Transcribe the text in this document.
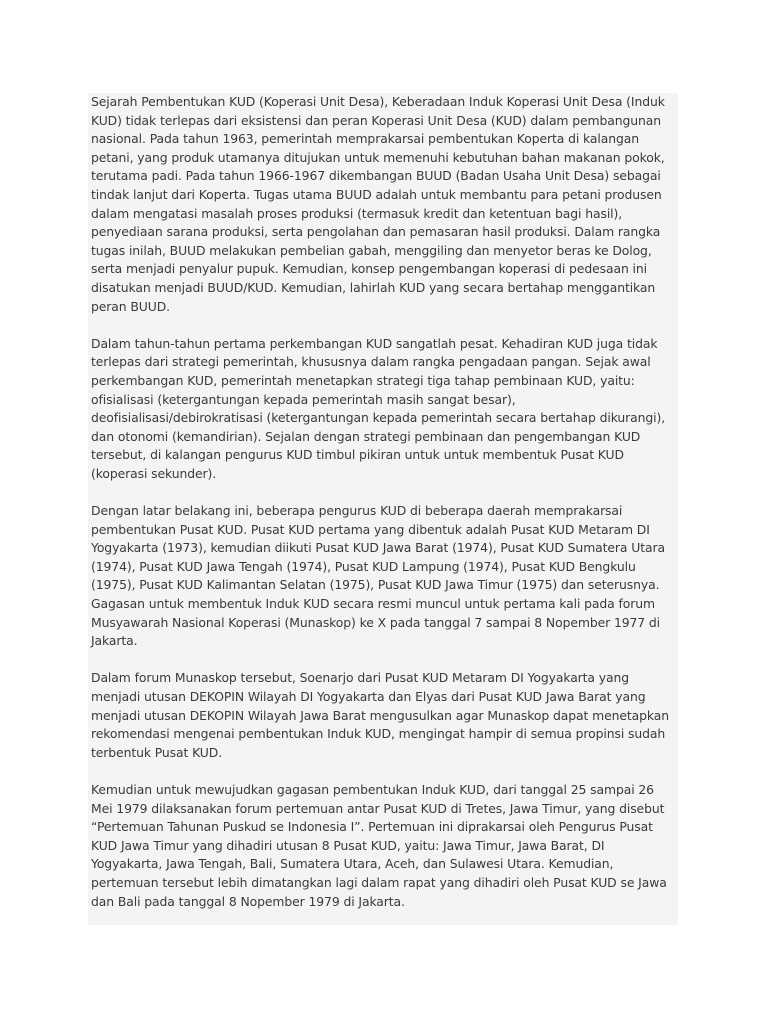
Sejarah Pembentukan KUD (Koperasi Unit Desa), Keberadaan Induk Koperasi Unit Desa (Induk KUD) tidak terlepas dari eksistensi dan peran Koperasi Unit Desa (KUD) dalam pembangunan nasional. Pada tahun 1963, pemerintah memprakarsai pembentukan Koperta di kalangan petani, yang produk utamanya ditujukan untuk memenuhi kebutuhan bahan makanan pokok, terutama padi. Pada tahun 1966-1967 dikembangan BUUD (Badan Usaha Unit Desa) sebagai tindak lanjut dari Koperta. Tugas utama BUUD adalah untuk membantu para petani produsen dalam mengatasi masalah proses produksi (termasuk kredit dan ketentuan bagi hasil), penyediaan sarana produksi, serta pengolahan dan pemasaran hasil produksi. Dalam rangka tugas inilah, BUUD melakukan pembelian gabah, menggiling dan menyetor beras ke Dolog, serta menjadi penyalur pupuk. Kemudian, konsep pengembangan koperasi di pedesaan ini disatukan menjadi BUUD/KUD. Kemudian, lahirlah KUD yang secara bertahap menggantikan peran BUUD.

Dalam tahun-tahun pertama perkembangan KUD sangatlah pesat. Kehadiran KUD juga tidak terlepas dari strategi pemerintah, khususnya dalam rangka pengadaan pangan. Sejak awal perkembangan KUD, pemerintah menetapkan strategi tiga tahap pembinaan KUD, yaitu: ofisialisasi (ketergantungan kepada pemerintah masih sangat besar), deofisialisasi/debirokratisasi (ketergantungan kepada pemerintah secara bertahap dikurangi), dan otonomi (kemandirian). Sejalan dengan strategi pembinaan dan pengembangan KUD tersebut, di kalangan pengurus KUD timbul pikiran untuk untuk membentuk Pusat KUD (koperasi sekunder).

Dengan latar belakang ini, beberapa pengurus KUD di beberapa daerah memprakarsai pembentukan Pusat KUD. Pusat KUD pertama yang dibentuk adalah Pusat KUD Metaram DI Yogyakarta (1973), kemudian diikuti Pusat KUD Jawa Barat (1974), Pusat KUD Sumatera Utara (1974), Pusat KUD Jawa Tengah (1974), Pusat KUD Lampung (1974), Pusat KUD Bengkulu (1975), Pusat KUD Kalimantan Selatan (1975), Pusat KUD Jawa Timur (1975) dan seterusnya. Gagasan untuk membentuk Induk KUD secara resmi muncul untuk pertama kali pada forum Musyawarah Nasional Koperasi (Munaskop) ke X pada tanggal 7 sampai 8 Nopember 1977 di Jakarta.

Dalam forum Munaskop tersebut, Soenarjo dari Pusat KUD Metaram DI Yogyakarta yang menjadi utusan DEKOPIN Wilayah DI Yogyakarta dan Elyas dari Pusat KUD Jawa Barat yang menjadi utusan DEKOPIN Wilayah Jawa Barat mengusulkan agar Munaskop dapat menetapkan rekomendasi mengenai pembentukan Induk KUD, mengingat hampir di semua propinsi sudah terbentuk Pusat KUD.

Kemudian untuk mewujudkan gagasan pembentukan Induk KUD, dari tanggal 25 sampai 26 Mei 1979 dilaksanakan forum pertemuan antar Pusat KUD di Tretes, Jawa Timur, yang disebut “Pertemuan Tahunan Puskud se Indonesia I”. Pertemuan ini diprakarsai oleh Pengurus Pusat KUD Jawa Timur yang dihadiri utusan 8 Pusat KUD, yaitu: Jawa Timur, Jawa Barat, DI Yogyakarta, Jawa Tengah, Bali, Sumatera Utara, Aceh, dan Sulawesi Utara. Kemudian, pertemuan tersebut lebih dimatangkan lagi dalam rapat yang dihadiri oleh Pusat KUD se Jawa dan Bali pada tanggal 8 Nopember 1979 di Jakarta.
